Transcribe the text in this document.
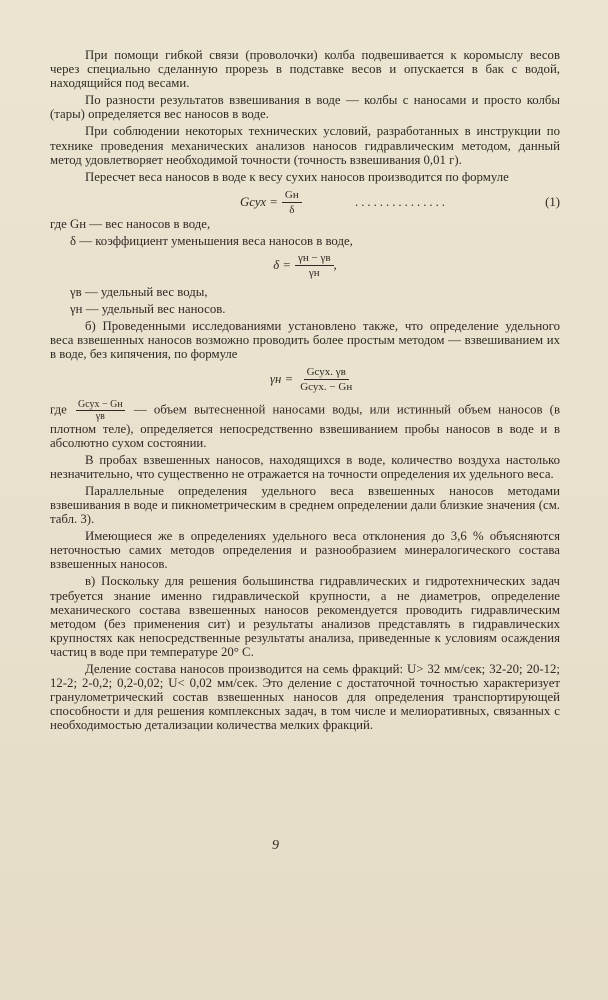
При помощи гибкой связи (проволочки) колба подвешивается к коромыслу весов через специально сделанную прорезь в подставке весов и опускается в бак с водой, находящийся под весами.

По разности результатов взвешивания в воде — колбы с наносами и просто колбы (тары) определяется вес наносов в воде.

При соблюдении некоторых технических условий, разработанных в инструкции по технике проведения механических анализов наносов гидравлическим методом, данный метод удовлетворяет необходимой точности (точность взвешивания 0,01 г).

Пересчет веса наносов в воде к весу сухих наносов производится по формуле

Gсух = $\frac{Gн}{\delta}$	...............	(1)

где Gн — вес наносов в воде,

δ — коэффициент уменьшения веса наносов в воде,

$\delta = \frac{\gamma н - \gamma в}{\gamma н}$ ,

γв — удельный вес воды,

γн — удельный вес наносов.

б) Проведенными исследованиями установлено также, что определение удельного веса взвешенных наносов возможно проводить более простым методом — взвешиванием их в воде, без кипячения, по формуле

$\gamma н = \frac{\text{Gсух. γв}}{\text{Gсух. − Gн}}$

где $\frac{\text{Gсух − Gн}}{\gamma в}$ — объем вытесненной наносами воды, или истинный объем наносов (в плотном теле), определяется непосредственно взвешиванием пробы наносов в воде и в абсолютно сухом состоянии.

В пробах взвешенных наносов, находящихся в воде, количество воздуха настолько незначительно, что существенно не отражается на точности определения их удельного веса.

Параллельные определения удельного веса взвешенных наносов методами взвешивания в воде и пикнометрическим в среднем определении дали близкие значения (см. табл. 3).

Имеющиеся же в определениях удельного веса отклонения до 3,6 % объясняются неточностью самих методов определения и разнообразием минералогического состава взвешенных наносов.

в) Поскольку для решения большинства гидравлических и гидротехнических задач требуется знание именно гидравлической крупности, а не диаметров, определение механического состава взвешенных наносов рекомендуется проводить гидравлическим методом (без применения сит) и результаты анализов представлять в гидравлических крупностях как непосредственные результаты анализа, приведенные к условиям осаждения частиц в воде при температуре 20° С.

Деление состава наносов производится на семь фракций: U> 32 мм/сек; 32-20; 20-12; 12-2; 2-0,2; 0,2-0,02; U< 0,02 мм/сек. Это деление с достаточной точностью характеризует гранулометрический состав взвешенных наносов для определения транспортирующей способности и для решения комплексных задач, в том числе и мелиоративных, связанных с необходимостью детализации количества мелких фракций.

9
